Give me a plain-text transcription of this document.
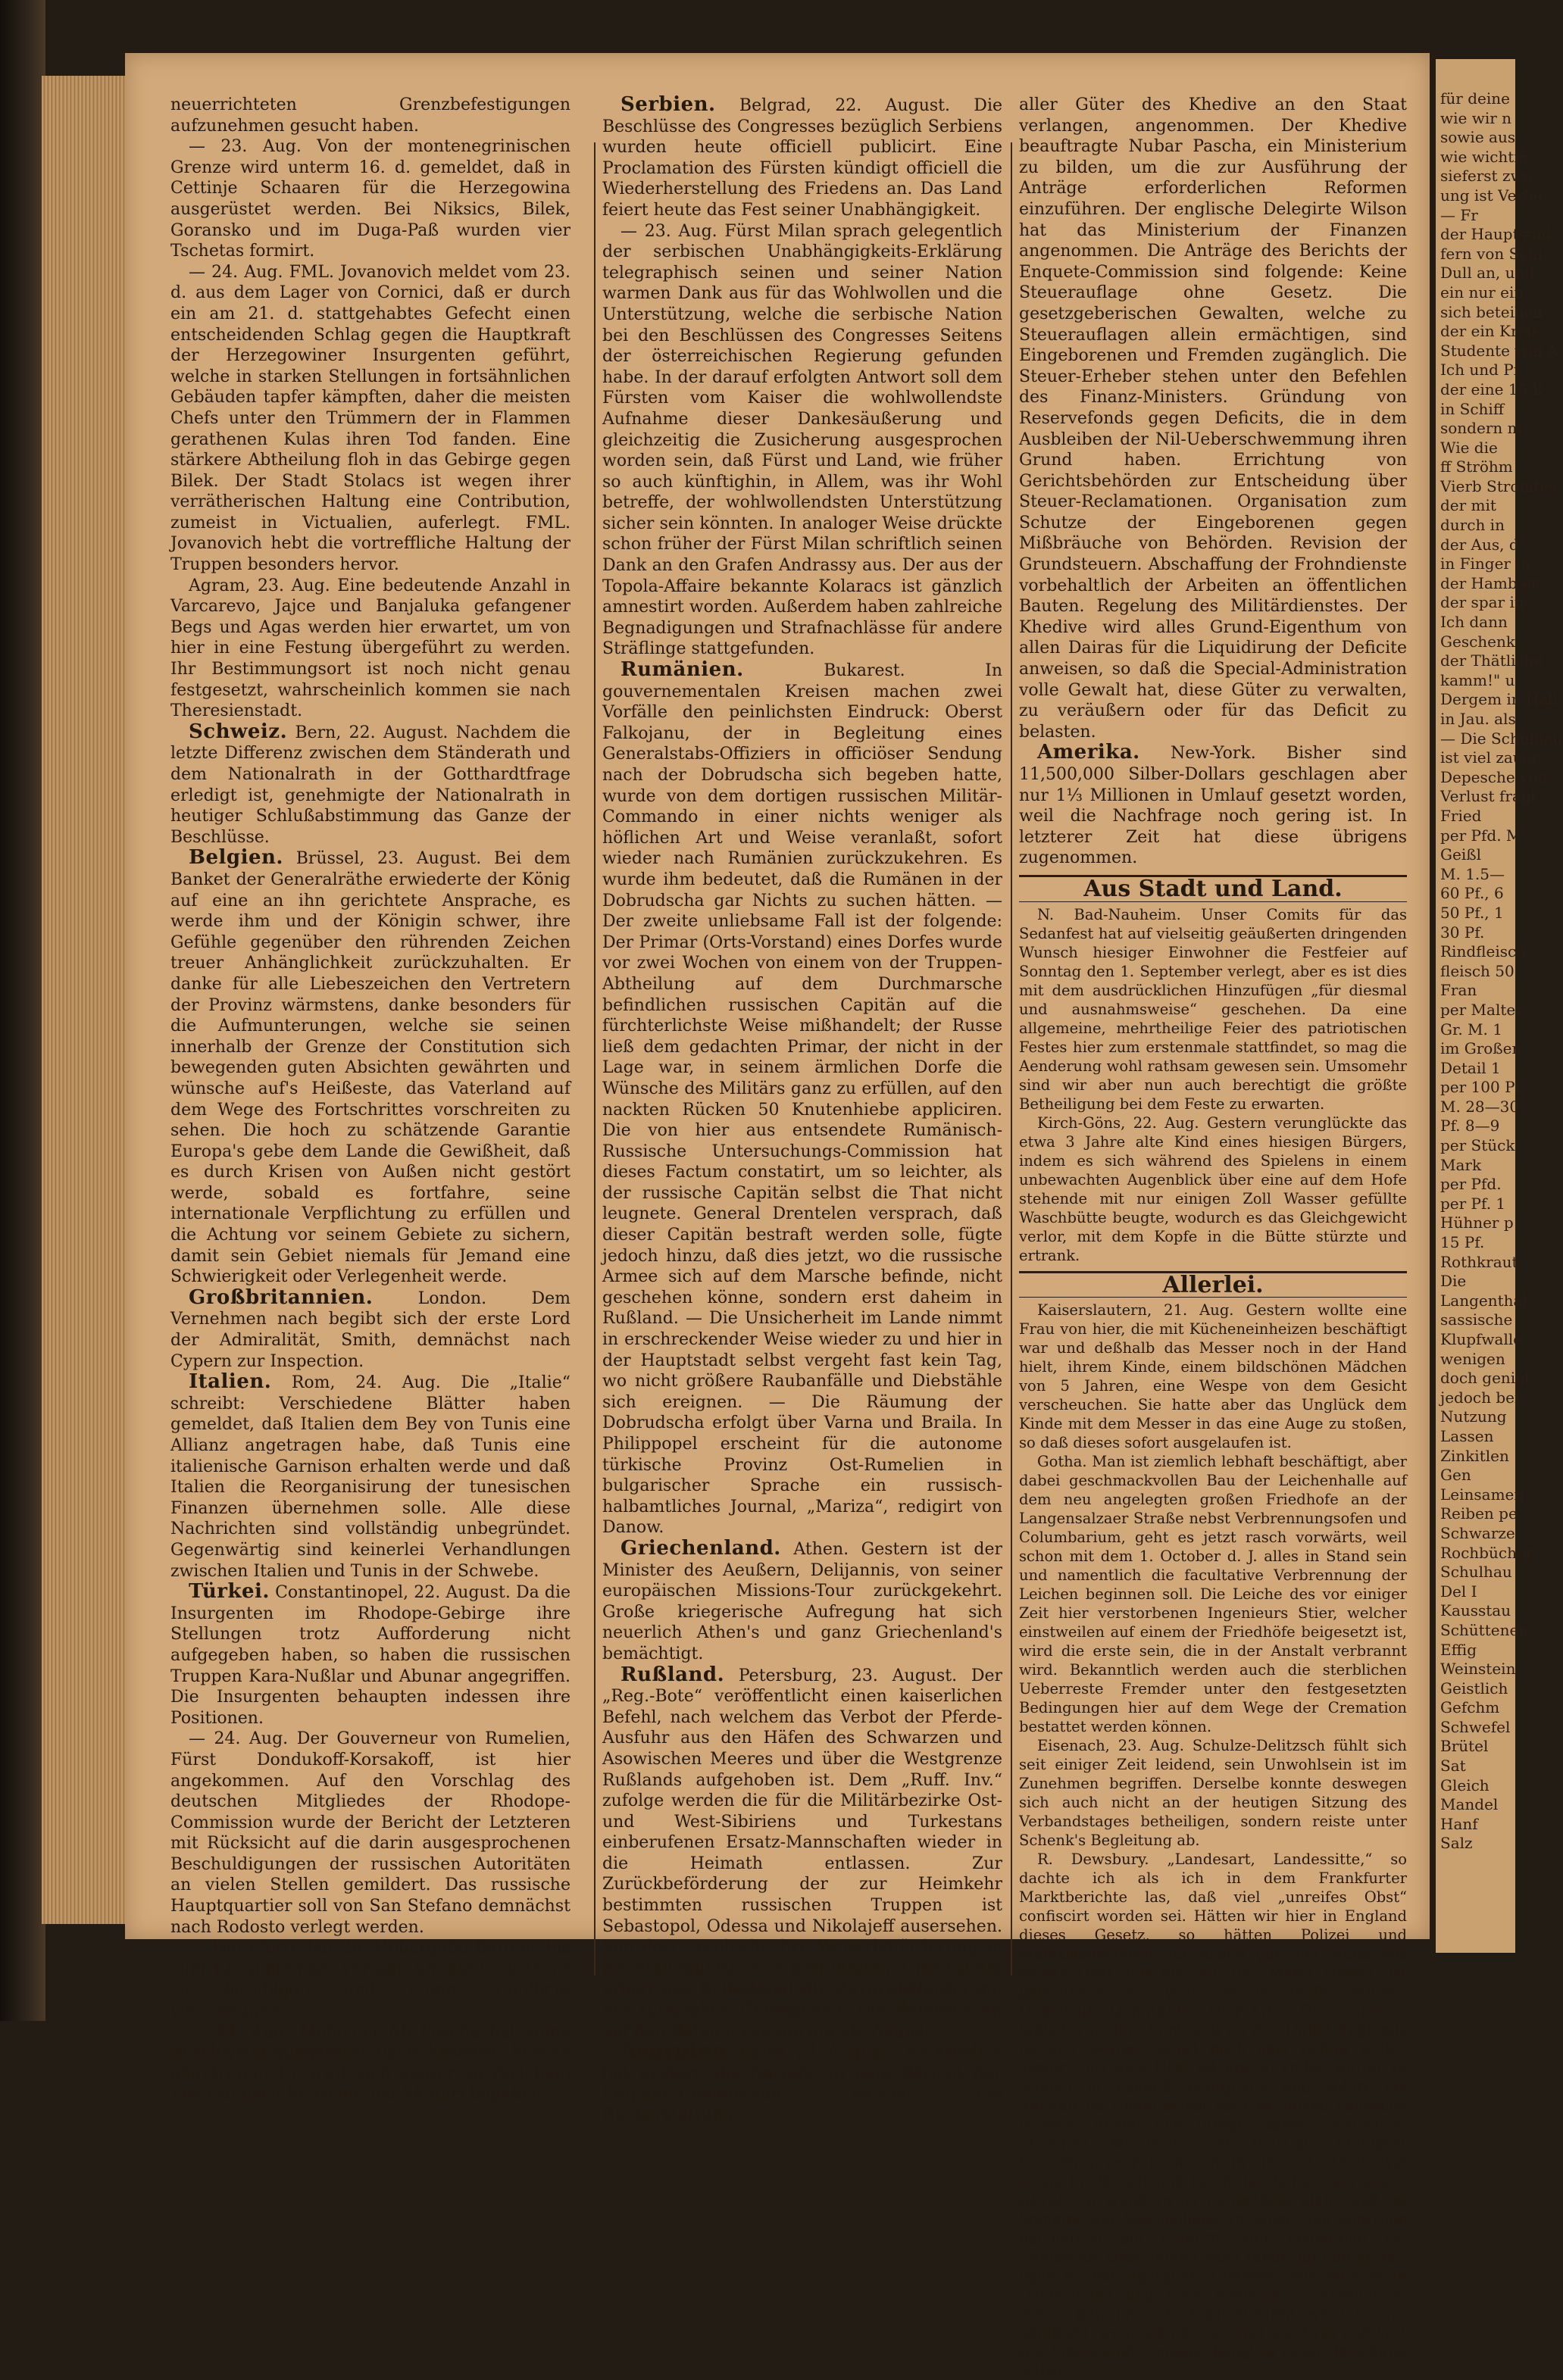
neuerrichteten Grenzbefestigungen aufzunehmen gesucht haben.

— 23. Aug. Von der montenegrinischen Grenze wird unterm 16. d. gemeldet, daß in Cettinje Schaaren für die Herzegowina ausgerüstet werden. Bei Niksics, Bilek, Goransko und im Duga-Paß wurden vier Tschetas formirt.

— 24. Aug. FML. Jovanovich meldet vom 23. d. aus dem Lager von Cornici, daß er durch ein am 21. d. stattgehabtes Gefecht einen entscheidenden Schlag gegen die Hauptkraft der Herzegowiner Insurgenten geführt, welche in starken Stellungen in fortsähnlichen Gebäuden tapfer kämpften, daher die meisten Chefs unter den Trümmern der in Flammen gerathenen Kulas ihren Tod fanden. Eine stärkere Abtheilung floh in das Gebirge gegen Bilek. Der Stadt Stolacs ist wegen ihrer verrätherischen Haltung eine Contribution, zumeist in Victualien, auferlegt. FML. Jovanovich hebt die vortreffliche Haltung der Truppen besonders hervor.

Agram, 23. Aug. Eine bedeutende Anzahl in Varcarevo, Jajce und Banjaluka gefangener Begs und Agas werden hier erwartet, um von hier in eine Festung übergeführt zu werden. Ihr Bestimmungsort ist noch nicht genau festgesetzt, wahrscheinlich kommen sie nach Theresienstadt.

Schweiz. Bern, 22. August. Nachdem die letzte Differenz zwischen dem Ständerath und dem Nationalrath in der Gotthardtfrage erledigt ist, genehmigte der Nationalrath in heutiger Schlußabstimmung das Ganze der Beschlüsse.

Belgien. Brüssel, 23. August. Bei dem Banket der Generalräthe erwiederte der König auf eine an ihn gerichtete Ansprache, es werde ihm und der Königin schwer, ihre Gefühle gegenüber den rührenden Zeichen treuer Anhänglichkeit zurückzuhalten. Er danke für alle Liebeszeichen den Vertretern der Provinz wärmstens, danke besonders für die Aufmunterungen, welche sie seinen innerhalb der Grenze der Constitution sich bewegenden guten Absichten gewährten und wünsche auf's Heißeste, das Vaterland auf dem Wege des Fortschrittes vorschreiten zu sehen. Die hoch zu schätzende Garantie Europa's gebe dem Lande die Gewißheit, daß es durch Krisen von Außen nicht gestört werde, sobald es fortfahre, seine internationale Verpflichtung zu erfüllen und die Achtung vor seinem Gebiete zu sichern, damit sein Gebiet niemals für Jemand eine Schwierigkeit oder Verlegenheit werde.

Großbritannien.	London. Dem Vernehmen nach begibt sich der erste Lord der Admiralität, Smith, demnächst nach Cypern zur Inspection.

Italien. Rom, 24. Aug. Die „Italie“ schreibt: Verschiedene Blätter haben gemeldet, daß Italien dem Bey von Tunis eine Allianz angetragen habe, daß Tunis eine italienische Garnison erhalten werde und daß Italien die Reorganisirung der tunesischen Finanzen übernehmen solle. Alle diese Nachrichten sind vollständig unbegründet. Gegenwärtig sind keinerlei Verhandlungen zwischen Italien und Tunis in der Schwebe.

Türkei. Constantinopel, 22. August. Da die Insurgenten im Rhodope-Gebirge ihre Stellungen trotz Aufforderung nicht aufgegeben haben, so haben die russischen Truppen Kara-Nußlar und Abunar angegriffen. Die Insurgenten behaupten indessen ihre Positionen.

— 24. Aug. Der Gouverneur von Rumelien, Fürst Dondukoff-Korsakoff, ist hier angekommen. Auf den Vorschlag des deutschen Mitgliedes der Rhodope-Commission wurde der Bericht der Letzteren mit Rücksicht auf die darin ausgesprochenen Beschuldigungen der russischen Autoritäten an vielen Stellen gemildert. Das russische Hauptquartier soll von San Stefano demnächst nach Rodosto verlegt werden.

— Die Pforte hat die Uebergabe Batums bis zum 12. September vertagt, um die Einwohner zu beruhigen und einem Conflicte vorzubeugen.

— 24. Aug. Mehemet Ali Pascha hat seine Beschwichtigungsreise nach Kossowo bereits angetreten. Er wird sich später zu gleichem Zwecke nach Prizrend und Skutari begeben.

Serbien. Belgrad, 22. August. Die Beschlüsse des Congresses bezüglich Serbiens wurden heute officiell publicirt. Eine Proclamation des Fürsten kündigt officiell die Wiederherstellung des Friedens an. Das Land feiert heute das Fest seiner Unabhängigkeit.

— 23. Aug. Fürst Milan sprach gelegentlich der serbischen Unabhängigkeits-Erklärung telegraphisch seinen und seiner Nation warmen Dank aus für das Wohlwollen und die Unterstützung, welche die serbische Nation bei den Beschlüssen des Congresses Seitens der österreichischen Regierung gefunden habe. In der darauf erfolgten Antwort soll dem Fürsten vom Kaiser die wohlwollendste Aufnahme dieser Dankesäußerung und gleichzeitig die Zusicherung ausgesprochen worden sein, daß Fürst und Land, wie früher so auch künftighin, in Allem, was ihr Wohl betreffe, der wohlwollendsten Unterstützung sicher sein könnten. In analoger Weise drückte schon früher der Fürst Milan schriftlich seinen Dank an den Grafen Andrassy aus. Der aus der Topola-Affaire bekannte Kolaracs ist gänzlich amnestirt worden. Außerdem haben zahlreiche Begnadigungen und Strafnachlässe für andere Sträflinge stattgefunden.

Rumänien.	Bukarest. In gouvernementalen Kreisen machen zwei Vorfälle den peinlichsten Eindruck: Oberst Falkojanu, der in Begleitung eines Generalstabs-Offiziers in officiöser Sendung nach der Dobrudscha sich begeben hatte, wurde von dem dortigen russischen Militär-Commando in einer nichts weniger als höflichen Art und Weise veranlaßt, sofort wieder nach Rumänien zurückzukehren. Es wurde ihm bedeutet, daß die Rumänen in der Dobrudscha gar Nichts zu suchen hätten. — Der zweite unliebsame Fall ist der folgende: Der Primar (Orts-Vorstand) eines Dorfes wurde vor zwei Wochen von einem von der Truppen-Abtheilung auf dem Durchmarsche befindlichen russischen Capitän auf die fürchterlichste Weise mißhandelt; der Russe ließ dem gedachten Primar, der nicht in der Lage war, in seinem ärmlichen Dorfe die Wünsche des Militärs ganz zu erfüllen, auf den nackten Rücken 50 Knutenhiebe appliciren. Die von hier aus entsendete Rumänisch-Russische Untersuchungs-Commission hat dieses Factum constatirt, um so leichter, als der russische Capitän selbst die That nicht leugnete. General Drentelen versprach, daß dieser Capitän bestraft werden solle, fügte jedoch hinzu, daß dies jetzt, wo die russische Armee sich auf dem Marsche befinde, nicht geschehen könne, sondern erst daheim in Rußland. — Die Unsicherheit im Lande nimmt in erschreckender Weise wieder zu und hier in der Hauptstadt selbst vergeht fast kein Tag, wo nicht größere Raubanfälle und Diebstähle sich ereignen. — Die Räumung der Dobrudscha erfolgt über Varna und Braila. In Philippopel erscheint für die autonome türkische Provinz Ost-Rumelien in bulgarischer Sprache ein russisch-halbamtliches Journal, „Mariza“, redigirt von Danow.

Griechenland. Athen. Gestern ist der Minister des Aeußern, Delijannis, von seiner europäischen Missions-Tour zurückgekehrt. Große kriegerische Aufregung hat sich neuerlich Athen's und ganz Griechenland's bemächtigt.

Rußland. Petersburg, 23. August. Der „Reg.-Bote“ veröffentlicht einen kaiserlichen Befehl, nach welchem das Verbot der Pferde-Ausfuhr aus den Häfen des Schwarzen und Asowischen Meeres und über die Westgrenze Rußlands aufgehoben ist. Dem „Ruff. Inv.“ zufolge werden die für die Militärbezirke Ost- und West-Sibiriens und Turkestans einberufenen Ersatz-Mannschaften wieder in die Heimath entlassen. Zur Zurückbeförderung der zur Heimkehr bestimmten russischen Truppen ist Sebastopol, Odessa und Nikolajeff ausersehen. Von dort geschieht ihre Weiterbeförderung in die Standquartiere in drei Routen. Gleichzeitig erfogt aus Sebastopol die Zurückbeförderung der türkischen Gefangenen. Die Beförderung auf den Bahnen begann am 16. August.

Aegypten. Kairo, 23. August. Der Khedive hat gestern die Anträge in dem Bericht der Enquete-Commission, welche die Rückerstattung

aller Güter des Khedive an den Staat verlangen, angenommen. Der Khedive beauftragte Nubar Pascha, ein Ministerium zu bilden, um die zur Ausführung der Anträge erforderlichen Reformen einzuführen. Der englische Delegirte Wilson hat das Ministerium der Finanzen angenommen. Die Anträge des Berichts der Enquete-Commission sind folgende: Keine Steuerauflage ohne Gesetz. Die gesetzgeberischen Gewalten, welche zu Steuerauflagen allein ermächtigen, sind Eingeborenen und Fremden zugänglich. Die Steuer-Erheber stehen unter den Befehlen des Finanz-Ministers. Gründung von Reservefonds gegen Deficits, die in dem Ausbleiben der Nil-Ueberschwemmung ihren Grund haben. Errichtung von Gerichtsbehörden zur Entscheidung über Steuer-Reclamationen. Organisation zum Schutze der Eingeborenen gegen Mißbräuche von Behörden. Revision der Grundsteuern. Abschaffung der Frohndienste vorbehaltlich der Arbeiten an öffentlichen Bauten. Regelung des Militärdienstes. Der Khedive wird alles Grund-Eigenthum von allen Dairas für die Liquidirung der Deficite anweisen, so daß die Special-Administration volle Gewalt hat, diese Güter zu verwalten, zu veräußern oder für das Deficit zu belasten.

Amerika. New-York. Bisher sind 11,500,000 Silber-Dollars geschlagen aber nur 1⅓ Millionen in Umlauf gesetzt worden, weil die Nachfrage noch gering ist. In letzterer Zeit hat diese übrigens zugenommen.

Aus Stadt und Land.

N. Bad-Nauheim. Unser Comits für das Sedanfest hat auf vielseitig geäußerten dringenden Wunsch hiesiger Einwohner die Festfeier auf Sonntag den 1. September verlegt, aber es ist dies mit dem ausdrücklichen Hinzufügen „für diesmal und ausnahmsweise“ geschehen. Da eine allgemeine, mehrtheilige Feier des patriotischen Festes hier zum erstenmale stattfindet, so mag die Aenderung wohl rathsam gewesen sein. Umsomehr sind wir aber nun auch berechtigt die größte Betheiligung bei dem Feste zu erwarten.

Kirch-Göns, 22. Aug. Gestern verunglückte das etwa 3 Jahre alte Kind eines hiesigen Bürgers, indem es sich während des Spielens in einem unbewachten Augenblick über eine auf dem Hofe stehende mit nur einigen Zoll Wasser gefüllte Waschbütte beugte, wodurch es das Gleichgewicht verlor, mit dem Kopfe in die Bütte stürzte und ertrank.

Allerlei.

Kaiserslautern, 21. Aug. Gestern wollte eine Frau von hier, die mit Kücheneinheizen beschäftigt war und deßhalb das Messer noch in der Hand hielt, ihrem Kinde, einem bildschönen Mädchen von 5 Jahren, eine Wespe von dem Gesicht verscheuchen. Sie hatte aber das Unglück dem Kinde mit dem Messer in das eine Auge zu stoßen, so daß dieses sofort ausgelaufen ist.

Gotha. Man ist ziemlich lebhaft beschäftigt, aber dabei geschmackvollen Bau der Leichenhalle auf dem neu angelegten großen Friedhofe an der Langensalzaer Straße nebst Verbrennungsofen und Columbarium, geht es jetzt rasch vorwärts, weil schon mit dem 1. October d. J. alles in Stand sein und namentlich die facultative Verbrennung der Leichen beginnen soll. Die Leiche des vor einiger Zeit hier verstorbenen Ingenieurs Stier, welcher einstweilen auf einem der Friedhöfe beigesetzt ist, wird die erste sein, die in der Anstalt verbrannt wird. Bekanntlich werden auch die sterblichen Ueberreste Fremder unter den festgesetzten Bedingungen hier auf dem Wege der Cremation bestattet werden können.

Eisenach, 23. Aug. Schulze-Delitzsch fühlt sich seit einiger Zeit leidend, sein Unwohlsein ist im Zunehmen begriffen. Derselbe konnte deswegen sich auch nicht an der heutigen Sitzung des Verbandstages betheiligen, sondern reiste unter Schenk's Begleitung ab.

R. Dewsbury. „Landesart, Landessitte,“ so dachte ich als ich in dem Frankfurter Marktberichte las, daß viel „unreifes Obst“ confiscirt worden sei. Hätten wir hier in England dieses Gesetz, so hätten Polizei und Marktinspectoren der Arbeit gar viel, denn das meiste Obst, das hier auf den Markt kommt, ist gewöhnlich sehr weit von der Reife entfernt. Ungeheure Quantitäten aller Arten Obst kommen täglich von dem Continent an den Häfen Englands an und werden sofort nach dem Inland weiter spedirt; als dies Obst ist unreif, reifes würde zu schnell in Fäulniß übergehen und sofort bei Ankunft im Hafen selbst oder im Inland confiscirt werden. Aepfel und Birnen, sowie Zwetschen, Pflaumen, Mirabellen und sonstiges Steinobst kommen grasgrün hier an, in einem Zustande wie es sie in Deutschland kaum den Schweinen geben würde; zu wundern ist es deßhalb nicht, daß im Sommer die Sterblichkeit in Folge von Diarrhöe namentlich bei Kindern sehr bedeutend ist. Englisches Obst kommt wohl reifer auf den Markt, doch in dem vollreifen Zustande, wie man es in Deutschland und noch mehr in Frankreich zu sehen gewohnt ist. Klosterbeeren werden hier gepflückt, wenn sie noch so hart wie Gras und hart wie Steine sind. England hängt in vieler Beziehung selbst

für deine
wie wir n
sowie aus
wie wichtig
sieferst zwe
ung ist Verbe
— Fr
der Hauptstad
fern von Schi
Dull an, und
ein nur ein
sich beteilien
der ein Kreis
Studente von A
Ich und Pf
der eine 15 K
in Schiff
sondern m
Wie die
ff Ströhm
Vierb Stromtes
der mit
durch in
der Aus, d
in Finger in
der Hamb er
der spar in
Ich dann
Geschenk
der Thätliche
kamm!" u
Dergem in Hall
in Jau. als
— Die Schulbau
ist viel zauer
Depesche von
Verlust fragt
Fried
per Pfd. M
Geißl
M. 1.5—
60 Pf., 6
50 Pf., 1
30 Pf.
Rindfleisch
fleisch 50
Fran
per Malter
Gr. M. 1
im Großen
Detail 1
per 100 Pf
M. 28—30
Pf. 8—9
per Stück
Mark
per Pfd.
per Pf. 1
Hühner p
15 Pf.
Rothkraut
Die
Langenthal
sassische
Klupfwalle
wenigen
doch geniel
jedoch bei
Nutzung
Lassen
Zinkitlen
Gen
Leinsamen
Reiben pe
Schwarze
Rochbücher
Schulhau
Del I
Kausstau
Schüttenen
Effig
Weinstein
Geistlich
Gefchm
Schwefel
Brütel
Sat
Gleich
Mandel
Hanf
Salz
